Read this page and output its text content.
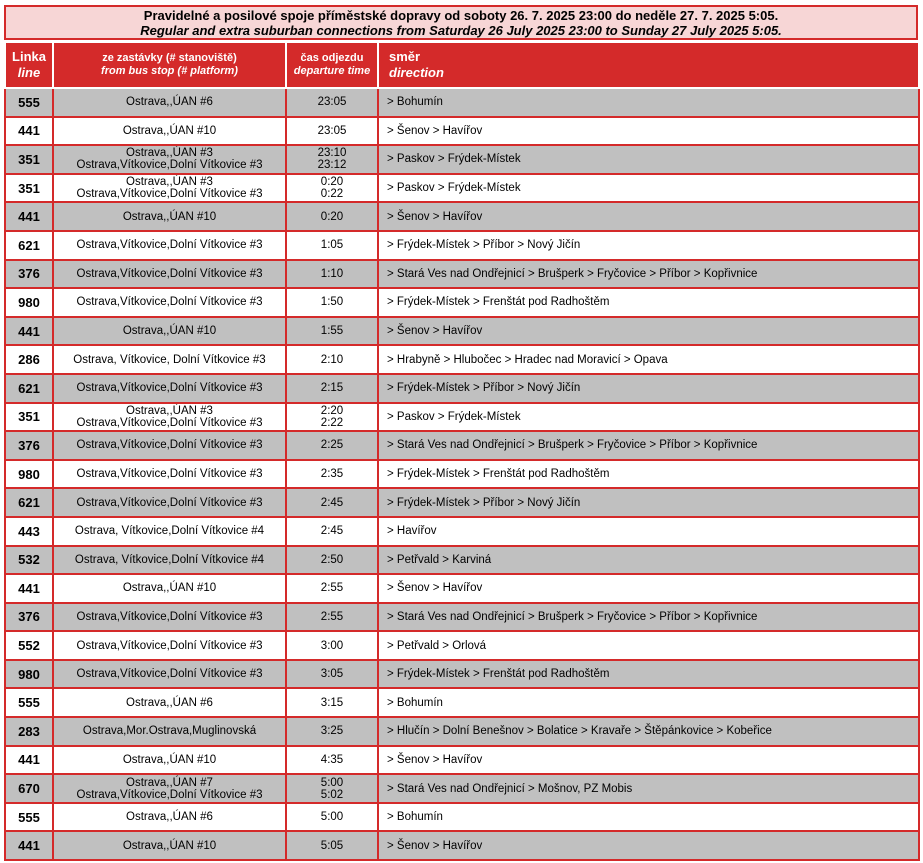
Pravidelné a posilové spoje příměstské dopravy od soboty 26. 7. 2025 23:00 do neděle 27. 7. 2025 5:05.
Regular and extra suburban connections from Saturday 26 July 2025 23:00 to Sunday 27 July 2025 5:05.
Linka
line	ze zastávky (# stanoviště)
from bus stop (# platform)	čas odjezdu
departure time	směr
direction

555	Ostrava,,ÚAN #6	23:05	> Bohumín
441	Ostrava,,ÚAN #10	23:05	> Šenov > Havířov
351	Ostrava,,ÚAN #3
Ostrava,Vítkovice,Dolní Vítkovice #3	23:10
23:12	> Paskov > Frýdek-Místek
351	Ostrava,,ÚAN #3
Ostrava,Vítkovice,Dolní Vítkovice #3	0:20
0:22	> Paskov > Frýdek-Místek
441	Ostrava,,ÚAN #10	0:20	> Šenov > Havířov
621	Ostrava,Vítkovice,Dolní Vítkovice #3	1:05	> Frýdek-Místek > Příbor > Nový Jičín
376	Ostrava,Vítkovice,Dolní Vítkovice #3	1:10	> Stará Ves nad Ondřejnicí > Brušperk > Fryčovice > Příbor > Kopřivnice
980	Ostrava,Vítkovice,Dolní Vítkovice #3	1:50	> Frýdek-Místek > Frenštát pod Radhoštěm
441	Ostrava,,ÚAN #10	1:55	> Šenov > Havířov
286	Ostrava, Vítkovice, Dolní Vítkovice #3	2:10	> Hrabyně > Hlubočec > Hradec nad Moravicí > Opava
621	Ostrava,Vítkovice,Dolní Vítkovice #3	2:15	> Frýdek-Místek > Příbor > Nový Jičín
351	Ostrava,,ÚAN #3
Ostrava,Vítkovice,Dolní Vítkovice #3	2:20
2:22	> Paskov > Frýdek-Místek
376	Ostrava,Vítkovice,Dolní Vítkovice #3	2:25	> Stará Ves nad Ondřejnicí > Brušperk > Fryčovice > Příbor > Kopřivnice
980	Ostrava,Vítkovice,Dolní Vítkovice #3	2:35	> Frýdek-Místek > Frenštát pod Radhoštěm
621	Ostrava,Vítkovice,Dolní Vítkovice #3	2:45	> Frýdek-Místek > Příbor > Nový Jičín
443	Ostrava, Vítkovice,Dolní Vítkovice #4	2:45	> Havířov
532	Ostrava, Vítkovice,Dolní Vítkovice #4	2:50	> Petřvald > Karviná
441	Ostrava,,ÚAN #10	2:55	> Šenov > Havířov
376	Ostrava,Vítkovice,Dolní Vítkovice #3	2:55	> Stará Ves nad Ondřejnicí > Brušperk > Fryčovice > Příbor > Kopřivnice
552	Ostrava,Vítkovice,Dolní Vítkovice #3	3:00	> Petřvald > Orlová
980	Ostrava,Vítkovice,Dolní Vítkovice #3	3:05	> Frýdek-Místek > Frenštát pod Radhoštěm
555	Ostrava,,ÚAN #6	3:15	> Bohumín
283	Ostrava,Mor.Ostrava,Muglinovská	3:25	> Hlučín > Dolní Benešnov > Bolatice > Kravaře > Štěpánkovice > Kobeřice
441	Ostrava,,ÚAN #10	4:35	> Šenov > Havířov
670	Ostrava,,ÚAN #7
Ostrava,Vítkovice,Dolní Vítkovice #3	5:00
5:02	> Stará Ves nad Ondřejnicí > Mošnov, PZ Mobis
555	Ostrava,,ÚAN #6	5:00	> Bohumín
441	Ostrava,,ÚAN #10	5:05	> Šenov > Havířov
